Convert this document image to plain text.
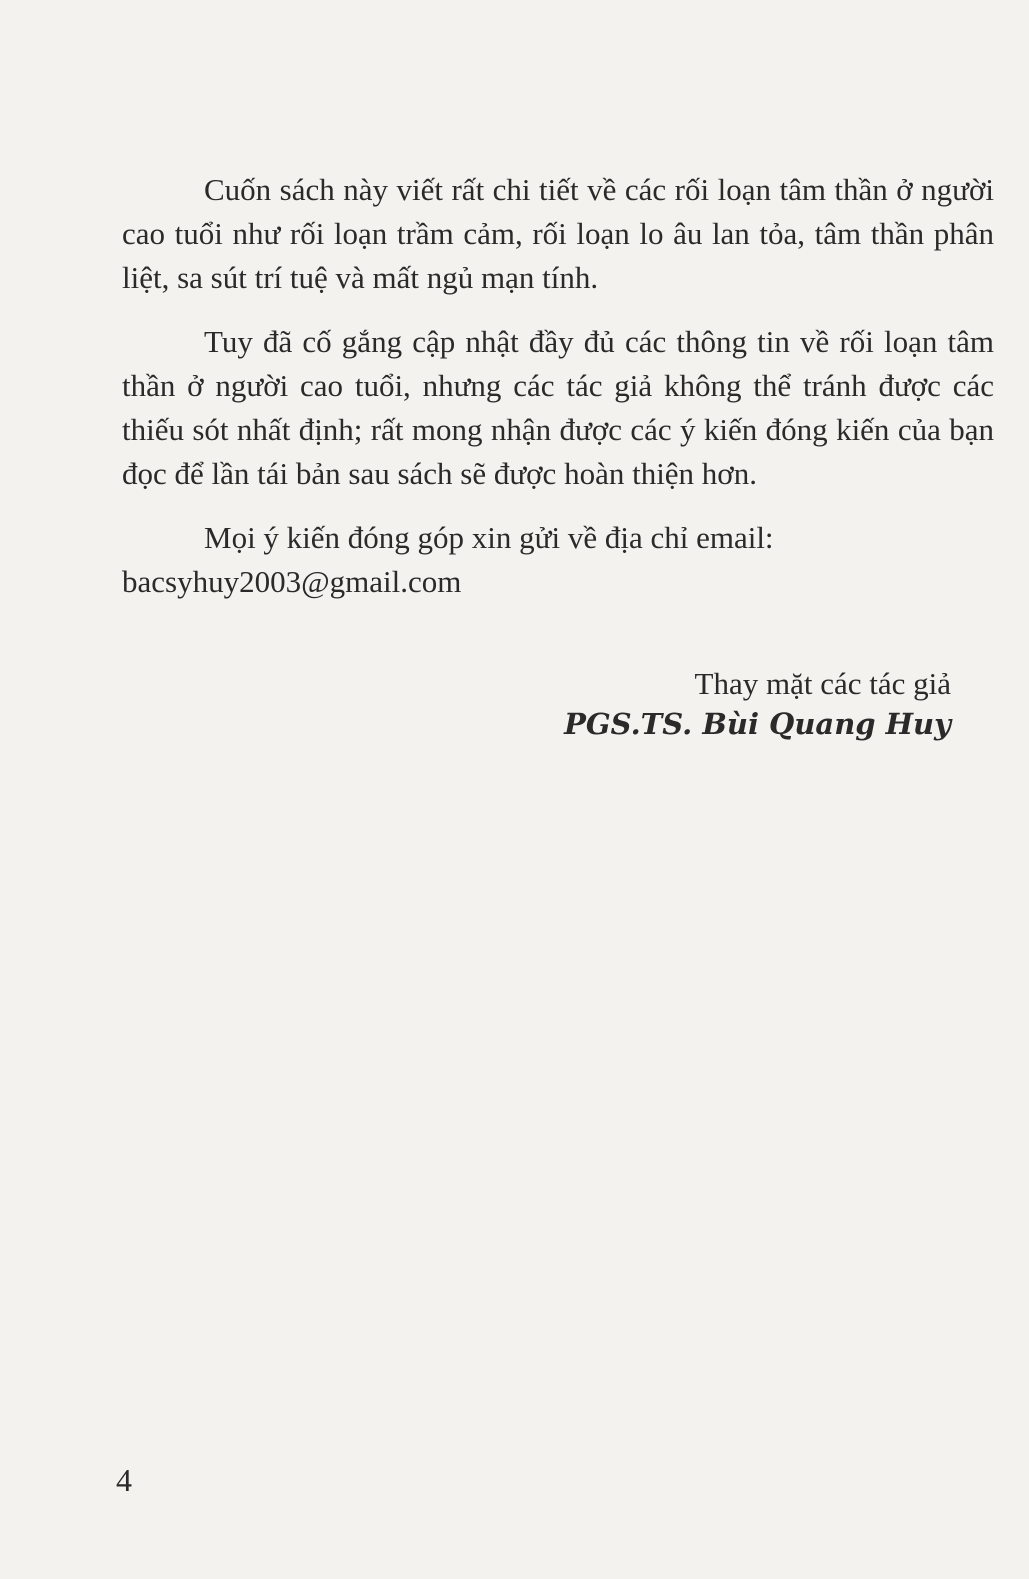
Cuốn sách này viết rất chi tiết về các rối loạn tâm thần ở người cao tuổi như rối loạn trầm cảm, rối loạn lo âu lan tỏa, tâm thần phân liệt, sa sút trí tuệ và mất ngủ mạn tính.

Tuy đã cố gắng cập nhật đầy đủ các thông tin về rối loạn tâm thần ở người cao tuổi, nhưng các tác giả không thể tránh được các thiếu sót nhất định; rất mong nhận được các ý kiến đóng kiến của bạn đọc để lần tái bản sau sách sẽ được hoàn thiện hơn.

Mọi ý kiến đóng góp xin gửi về địa chỉ email:
bacsyhuy2003@gmail.com

Thay mặt các tác giả
PGS.TS. Bùi Quang Huy
4
